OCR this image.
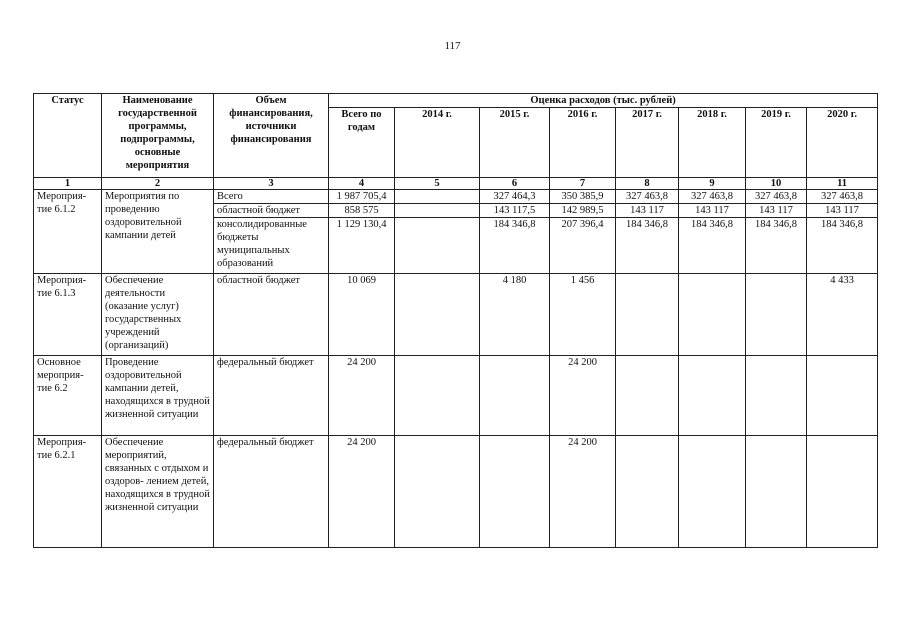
117
Статус	Наименование государственной программы, подпрограммы, основные мероприятия	Объем финансирования, источники финансирования	Оценка расходов (тыс. рублей)							
			Всего по годам	2014 г.	2015 г.	2016 г.	2017 г.	2018 г.	2019 г.	2020 г.
1	2	3	4	5	6	7	8	9	10	11
Мероприя- тие 6.1.2	Мероприятия по проведению оздоровительной кампании детей	Всего	1 987 705,4		327 464,3	350 385,9	327 463,8	327 463,8	327 463,8	327 463,8
		областной бюджет	858 575		143 117,5	142 989,5	143 117	143 117	143 117	143 117
		консолидированные бюджеты муниципальных образований	1 129 130,4		184 346,8	207 396,4	184 346,8	184 346,8	184 346,8	184 346,8
Мероприя- тие 6.1.3	Обеспечение деятельности (оказание услуг) государственных учреждений (организаций)	областной бюджет	10 069		4 180	1 456				4 433
Основное мероприя- тие 6.2	Проведение оздоровительной кампании детей, находящихся в трудной жизненной ситуации	федеральный бюджет	24 200			24 200				
Мероприя- тие 6.2.1	Обеспечение мероприятий, связанных с отдыхом и оздоров- лением детей, находящихся в трудной жизненной ситуации	федеральный бюджет	24 200			24 200				
